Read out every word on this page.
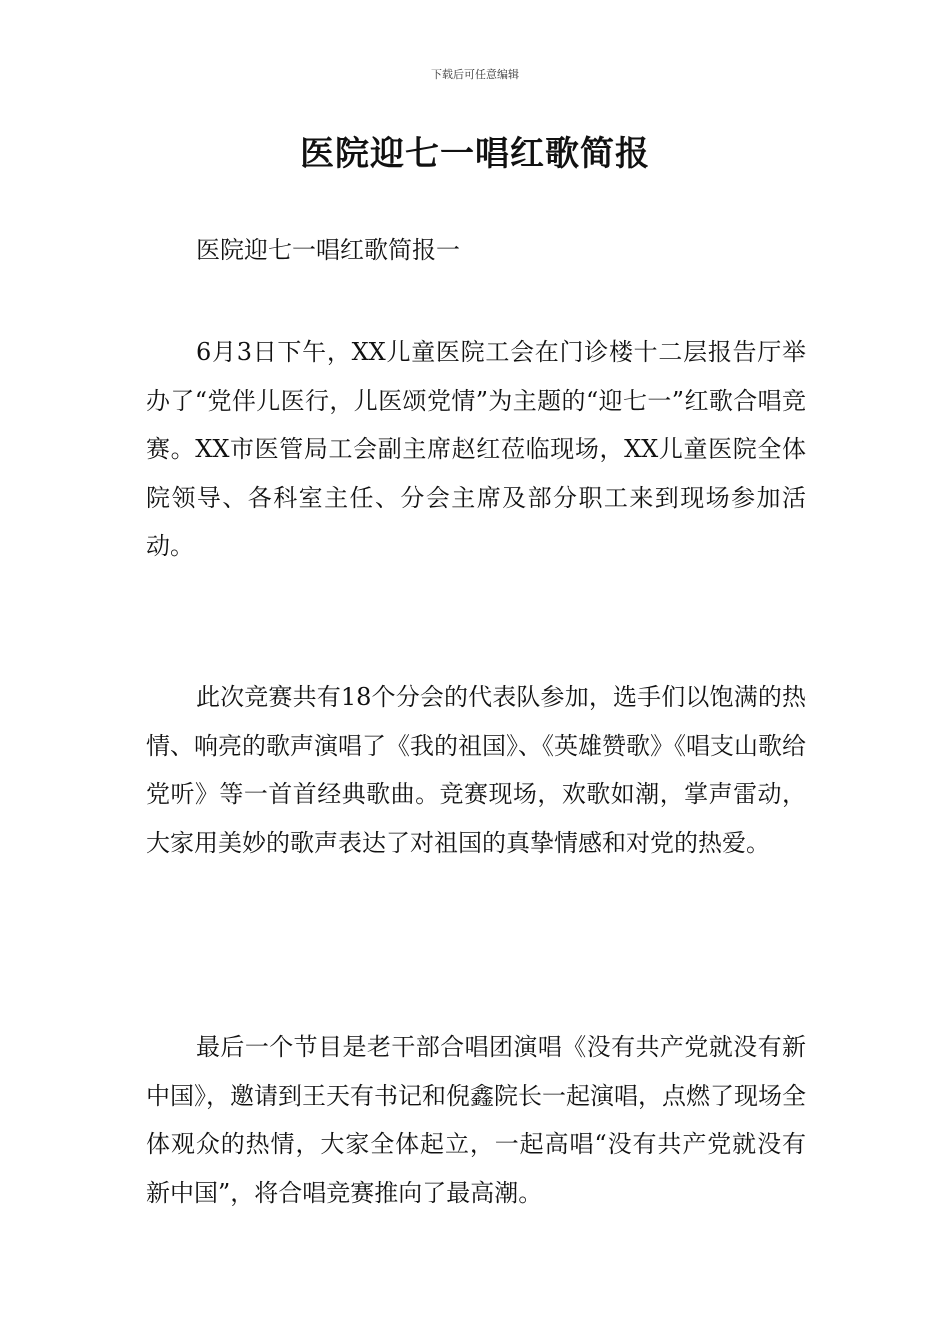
下载后可任意编辑
医院迎七一唱红歌简报
医院迎七一唱红歌简报一

6月3日下午，XX儿童医院工会在门诊楼十二层报告厅举办了“党伴儿医行，儿医颂党情”为主题的“迎七一”红歌合唱竞赛。XX市医管局工会副主席赵红莅临现场，XX儿童医院全体院领导、各科室主任、分会主席及部分职工来到现场参加活动。

此次竞赛共有18个分会的代表队参加，选手们以饱满的热情、响亮的歌声演唱了《我的祖国》、《英雄赞歌》《唱支山歌给党听》等一首首经典歌曲。竞赛现场，欢歌如潮，掌声雷动，大家用美妙的歌声表达了对祖国的真挚情感和对党的热爱。

最后一个节目是老干部合唱团演唱《没有共产党就没有新中国》，邀请到王天有书记和倪鑫院长一起演唱，点燃了现场全体观众的热情，大家全体起立，一起高唱“没有共产党就没有新中国”，将合唱竞赛推向了最高潮。
